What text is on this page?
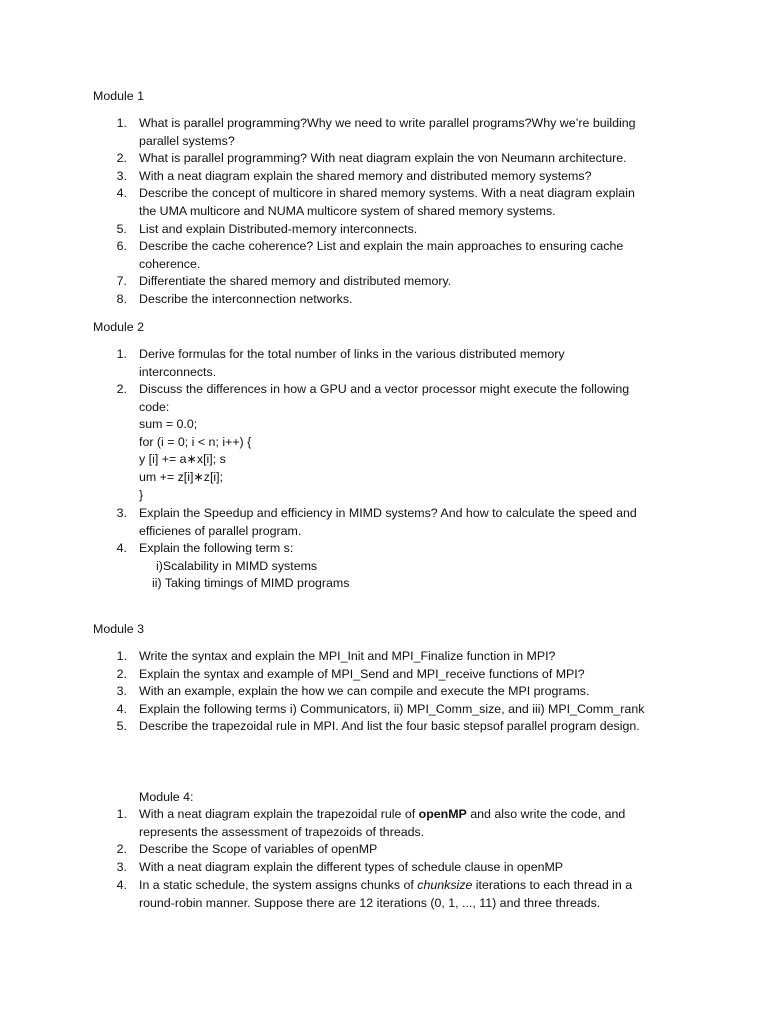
Module 1
1. What is parallel programming?Why we need to write parallel programs?Why we’re building
parallel systems?
2. What is parallel programming? With neat diagram explain the von Neumann architecture.
3. With a neat diagram explain the shared memory and distributed memory systems?
4. Describe the concept of multicore in shared memory systems. With a neat diagram explain
the UMA multicore and NUMA multicore system of shared memory systems.
5. List and explain Distributed-memory interconnects.
6. Describe the cache coherence? List and explain the main approaches to ensuring cache
coherence.
7. Differentiate the shared memory and distributed memory.
8. Describe the interconnection networks.
Module 2
1. Derive formulas for the total number of links in the various distributed memory
interconnects.
2. Discuss the differences in how a GPU and a vector processor might execute the following
code:
sum = 0.0;
for (i = 0; i < n; i++) {
y [i] += a∗x[i]; s
um += z[i]∗z[i];
}
3. Explain the Speedup and efficiency in MIMD systems? And how to calculate the speed and
efficienes of parallel program.
4. Explain the following term s:
i)Scalability in MIMD systems
ii) Taking timings of MIMD programs
Module 3
1. Write the syntax and explain the MPI_Init and MPI_Finalize function in MPI?
2. Explain the syntax and example of MPI_Send and MPI_receive functions of MPI?
3. With an example, explain the how we can compile and execute the MPI programs.
4. Explain the following terms i) Communicators, ii) MPI_Comm_size, and iii) MPI_Comm_rank
5. Describe the trapezoidal rule in MPI. And list the four basic stepsof parallel program design.
Module 4:
1. With a neat diagram explain the trapezoidal rule of openMP and also write the code, and
represents the assessment of trapezoids of threads.
2. Describe the Scope of variables of openMP
3. With a neat diagram explain the different types of schedule clause in openMP
4. In a static schedule, the system assigns chunks of chunksize iterations to each thread in a
round-robin manner. Suppose there are 12 iterations (0, 1, ..., 11) and three threads.
